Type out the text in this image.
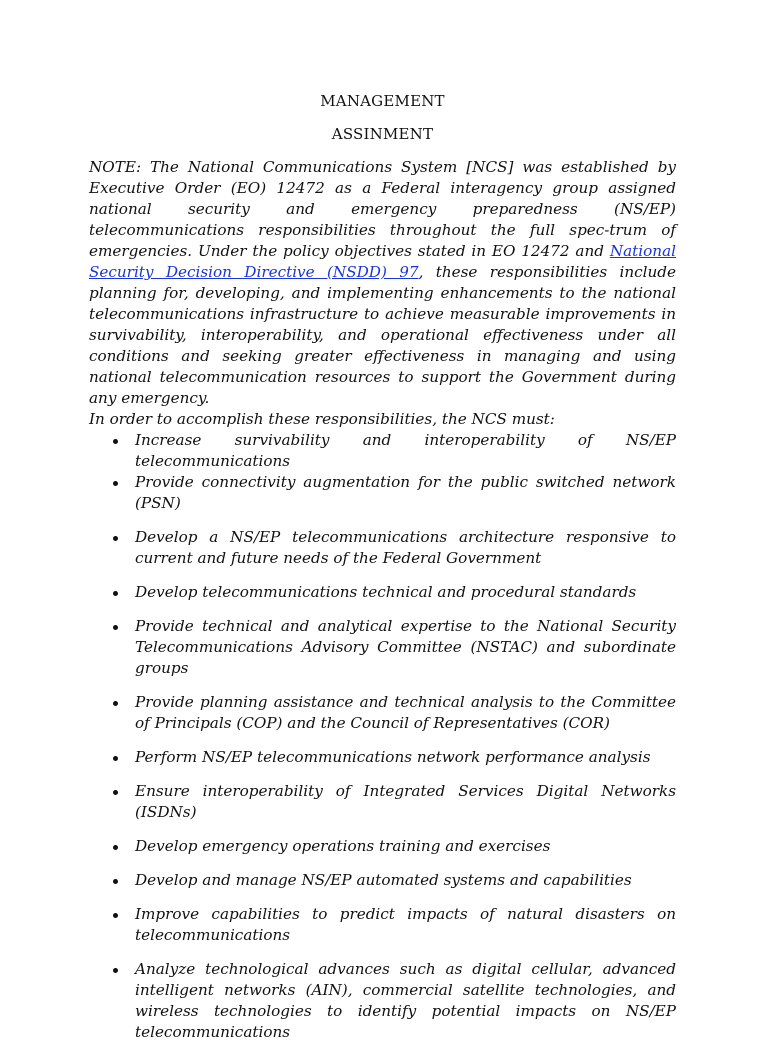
MANAGEMENT

ASSINMENT

NOTE: The National Communications System [NCS] was established by Executive Order (EO) 12472 as a Federal interagency group assigned national security and emergency preparedness (NS/EP) telecommunications responsibilities throughout the full spec-trum of emergencies. Under the policy objectives stated in EO 12472 and National Security Decision Directive (NSDD) 97, these responsibilities include planning for, developing, and implementing enhancements to the national telecommunications infrastructure to achieve measurable improvements in survivability, interoperability, and operational effectiveness under all conditions and seeking greater effectiveness in managing and using national telecommunication resources to support the Government during any emergency.

In order to accomplish these responsibilities, the NCS must:

Increase survivability and interoperability of NS/EP telecommunications
Provide connectivity augmentation for the public switched network (PSN)
Develop a NS/EP telecommunications architecture responsive to current and future needs of the Federal Government
Develop telecommunications technical and procedural standards
Provide technical and analytical expertise to the National Security Telecommunications Advisory Committee (NSTAC) and subordinate groups
Provide planning assistance and technical analysis to the Committee of Principals (COP) and the Council of Representatives (COR)
Perform NS/EP telecommunications network performance analysis
Ensure interoperability of Integrated Services Digital Networks (ISDNs)
Develop emergency operations training and exercises
Develop and manage NS/EP automated systems and capabilities
Improve capabilities to predict impacts of natural disasters on telecommunications
Analyze technological advances such as digital cellular, advanced intelligent networks (AIN), commercial satellite technologies, and wireless technologies to identify potential impacts on NS/EP telecommunications
